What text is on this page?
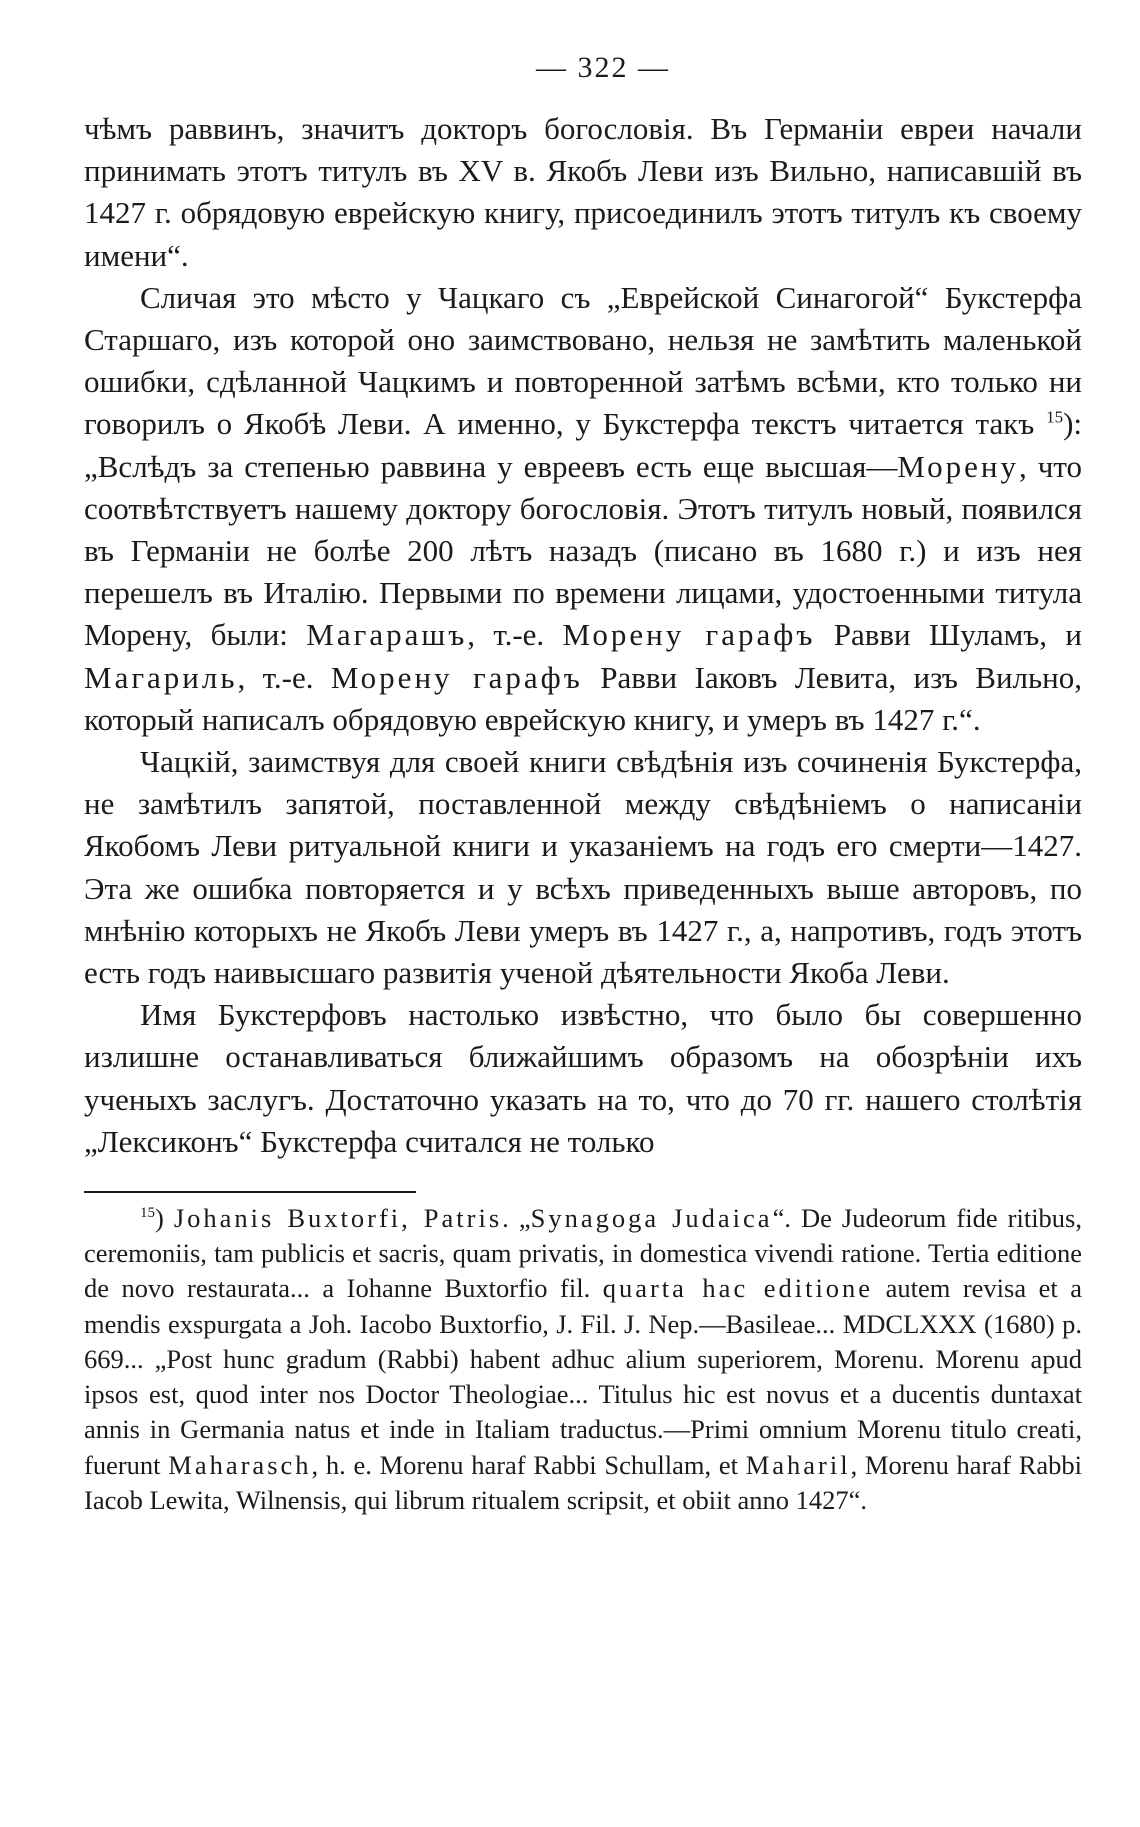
— 322 —

чѣмъ раввинъ, значитъ докторъ богословія. Въ Германіи евреи начали принимать этотъ титулъ въ XV в. Якобъ Леви изъ Вильно, написавшій въ 1427 г. обрядовую еврейскую книгу, присоединилъ этотъ титулъ къ своему имени“.

Сличая это мѣсто у Чацкаго съ „Еврейской Синагогой“ Букстерфа Старшаго, изъ которой оно заимствовано, нельзя не замѣтить маленькой ошибки, сдѣланной Чацкимъ и повторенной затѣмъ всѣми, кто только ни говорилъ о Якобѣ Леви. А именно, у Букстерфа текстъ читается такъ $^{15}$): „Вслѣдъ за степенью раввина у евреевъ есть еще высшая—Морену, что соотвѣтствуетъ нашему доктору богословія. Этотъ титулъ новый, появился въ Германіи не болѣе 200 лѣтъ назадъ (писано въ 1680 г.) и изъ нея перешелъ въ Италію. Первыми по времени лицами, удостоенными титула Морену, были: Магарашъ, т.-е. Морену гарафъ Равви Шуламъ, и Магариль, т.-е. Морену гарафъ Равви Іаковъ Левита, изъ Вильно, который написалъ обрядовую еврейскую книгу, и умеръ въ 1427 г.“.

Чацкій, заимствуя для своей книги свѣдѣнія изъ сочиненія Букстерфа, не замѣтилъ запятой, поставленной между свѣдѣніемъ о написаніи Якобомъ Леви ритуальной книги и указаніемъ на годъ его смерти—1427. Эта же ошибка повторяется и у всѣхъ приведенныхъ выше авторовъ, по мнѣнію которыхъ не Якобъ Леви умеръ въ 1427 г., а, напротивъ, годъ этотъ есть годъ наивысшаго развитія ученой дѣятельности Якоба Леви.

Имя Букстерфовъ настолько извѣстно, что было бы совершенно излишне останавливаться ближайшимъ образомъ на обозрѣніи ихъ ученыхъ заслугъ. Достаточно указать на то, что до 70 гг. нашего столѣтія „Лексиконъ“ Букстерфа считался не только

$^{15}$) Johanis Buxtorfi, Patris. „Synagoga Judaica“. De Judeorum fide ritibus, ceremoniis, tam publicis et sacris, quam privatis, in domestica vivendi ratione. Tertia editione de novo restaurata... a Iohanne Buxtorfio fil. quarta hac editione autem revisa et a mendis exspurgata a Joh. Iacobo Buxtorfio, J. Fil. J. Nep.—Basileae... MDCLXXX (1680) p. 669... „Post hunc gradum (Rabbi) habent adhuc alium superiorem, Morenu. Morenu apud ipsos est, quod inter nos Doctor Theologiae... Titulus hic est novus et a ducentis duntaxat annis in Germania natus et inde in Italiam traductus.—Primi omnium Morenu titulo creati, fuerunt Maharasch, h. e. Morenu haraf Rabbi Schullam, et Maharil, Morenu haraf Rabbi Iacob Lewita, Wilnensis, qui librum ritualem scripsit, et obiit anno 1427“.
